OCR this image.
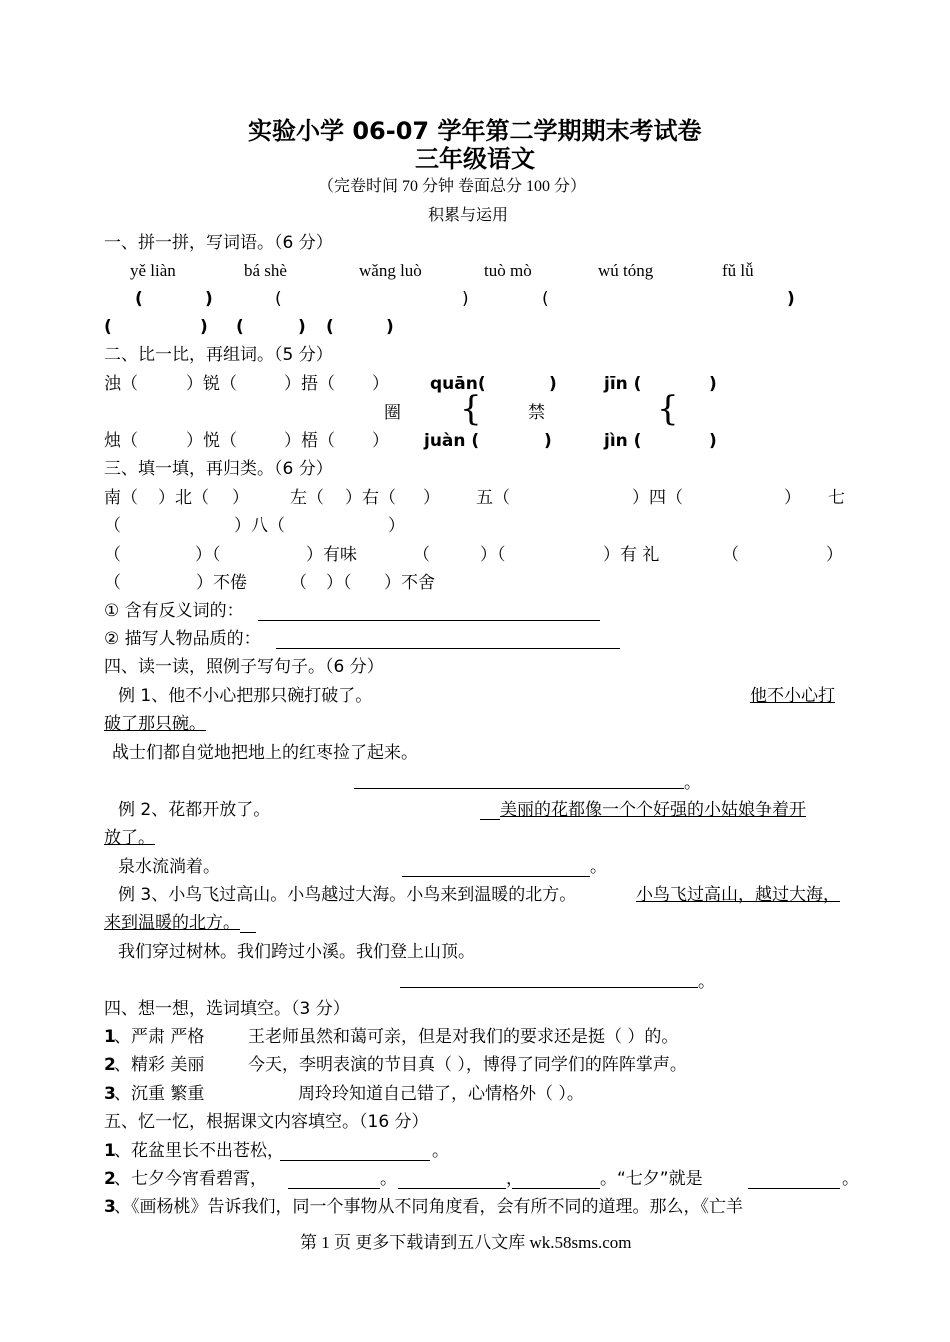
实验小学 06-07 学年第二学期期末考试卷
三年级语文
（完卷时间 70 分钟 卷面总分 100 分）
积累与运用
一、拼一拼，写词语。（6 分）
yě liàn	bá shè	wǎng luò	tuò mò	wú tóng	fǔ lǚ
(	)	(	)	(	)
(	) (	) (	)
二、比一比，再组词。（5 分）
浊（	）锐（	）捂（ ） quān(	)	jīn (	)
圈 {	禁	{
烛（	）悦（	）梧（ ） juàn (	)	jìn (	)
三、填一填，再归类。（6 分）
南（ ）北（ ） 左（ ）右（ ） 五（	）四（	） 七
（	）八（	）
（	）（	）有味	（	）（	）有 礼	（	）
（	）不倦	（ ）（ ）不舍
① 含有反义词的：
② 描写人物品质的：
四、读一读，照例子写句子。（6 分）
例 1、他不小心把那只碗打破了。	他不小心打
破了那只碗。
战士们都自觉地把地上的红枣捡了起来。
。
例 2、花都开放了。	美丽的花都像一个个好强的小姑娘争着开
放了。
泉水流淌着。	。
例 3、小鸟飞过高山。小鸟越过大海。小鸟来到温暖的北方。	小鸟飞过高山，越过大海，
来到温暖的北方。
我们穿过树林。我们跨过小溪。我们登上山顶。
。
四、想一想，选词填空。（3 分）
1
、严肃 严格	王老师虽然和蔼可亲，但是对我们的要求还是挺（ ）的。
2
、精彩 美丽	今天，李明表演的节目真（ ），博得了同学们的阵阵掌声。
3
、沉重 繁重	周玲玲知道自己错了，心情格外（ ）。
五、忆一忆，根据课文内容填空。（16 分）
1
、花盆里长不出苍松，	。
2
、七夕今宵看碧霄，	。	，	。“七夕”就是	。
3
、《画杨桃》告诉我们，同一个事物从不同角度看，会有所不同的道理。那么，《亡羊
第 1 页 更多下载请到五八文库 wk.58sms.com
